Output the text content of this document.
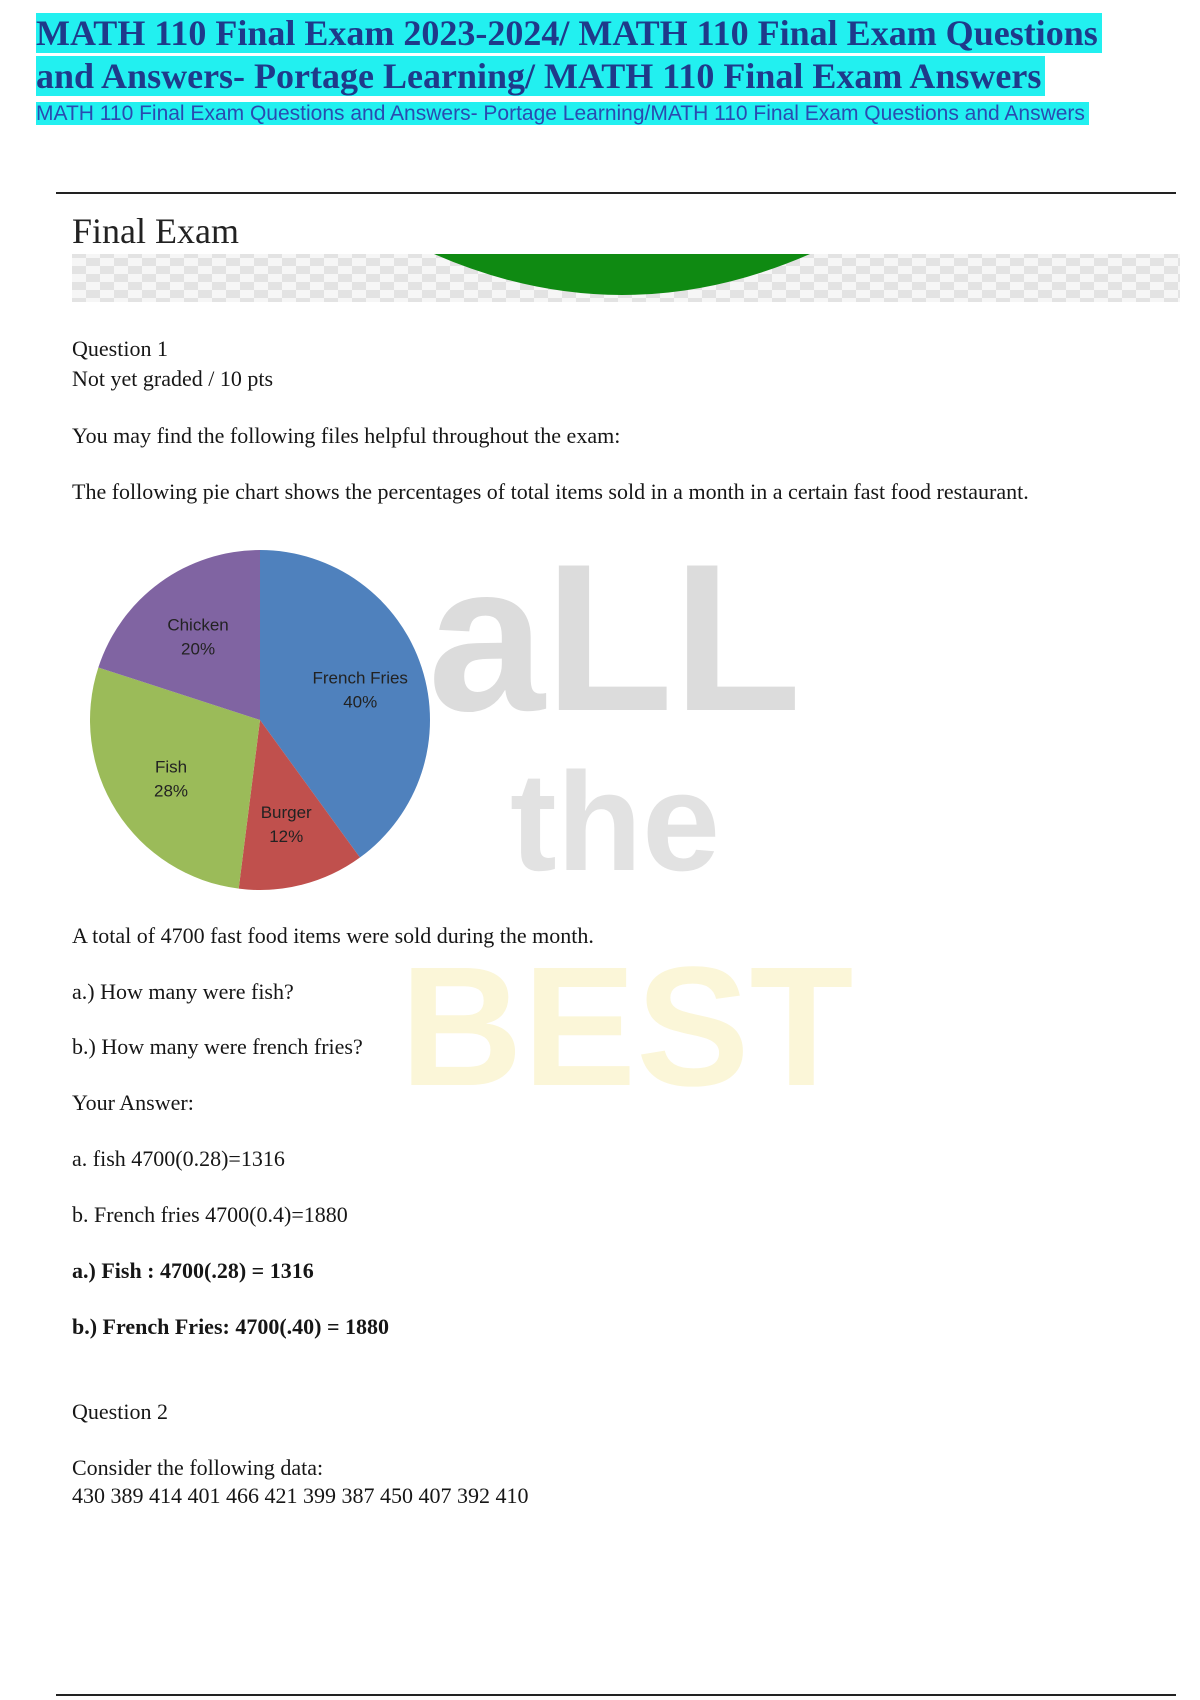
MATH 110 Final Exam 2023-2024/ MATH 110 Final Exam Questions
and Answers- Portage Learning/ MATH 110 Final Exam Answers

MATH 110 Final Exam Questions and Answers- Portage Learning/MATH 110 Final Exam Questions and Answers

Final Exam

Question 1

Not yet graded / 10 pts

You may find the following files helpful throughout the exam:

The following pie chart shows the percentages of total items sold in a month in a certain fast food restaurant.

aLL
the
BEST
French Fries
40%
Burger
12%
Fish
28%
Chicken
20%

A total of 4700 fast food items were sold during the month.

a.) How many were fish?

b.) How many were french fries?

Your Answer:

a. fish 4700(0.28)=1316

b. French fries 4700(0.4)=1880

a.) Fish : 4700(.28) = 1316

b.) French Fries: 4700(.40) = 1880

Question 2

Consider the following data:

430 389 414 401 466 421 399 387 450 407 392 410
